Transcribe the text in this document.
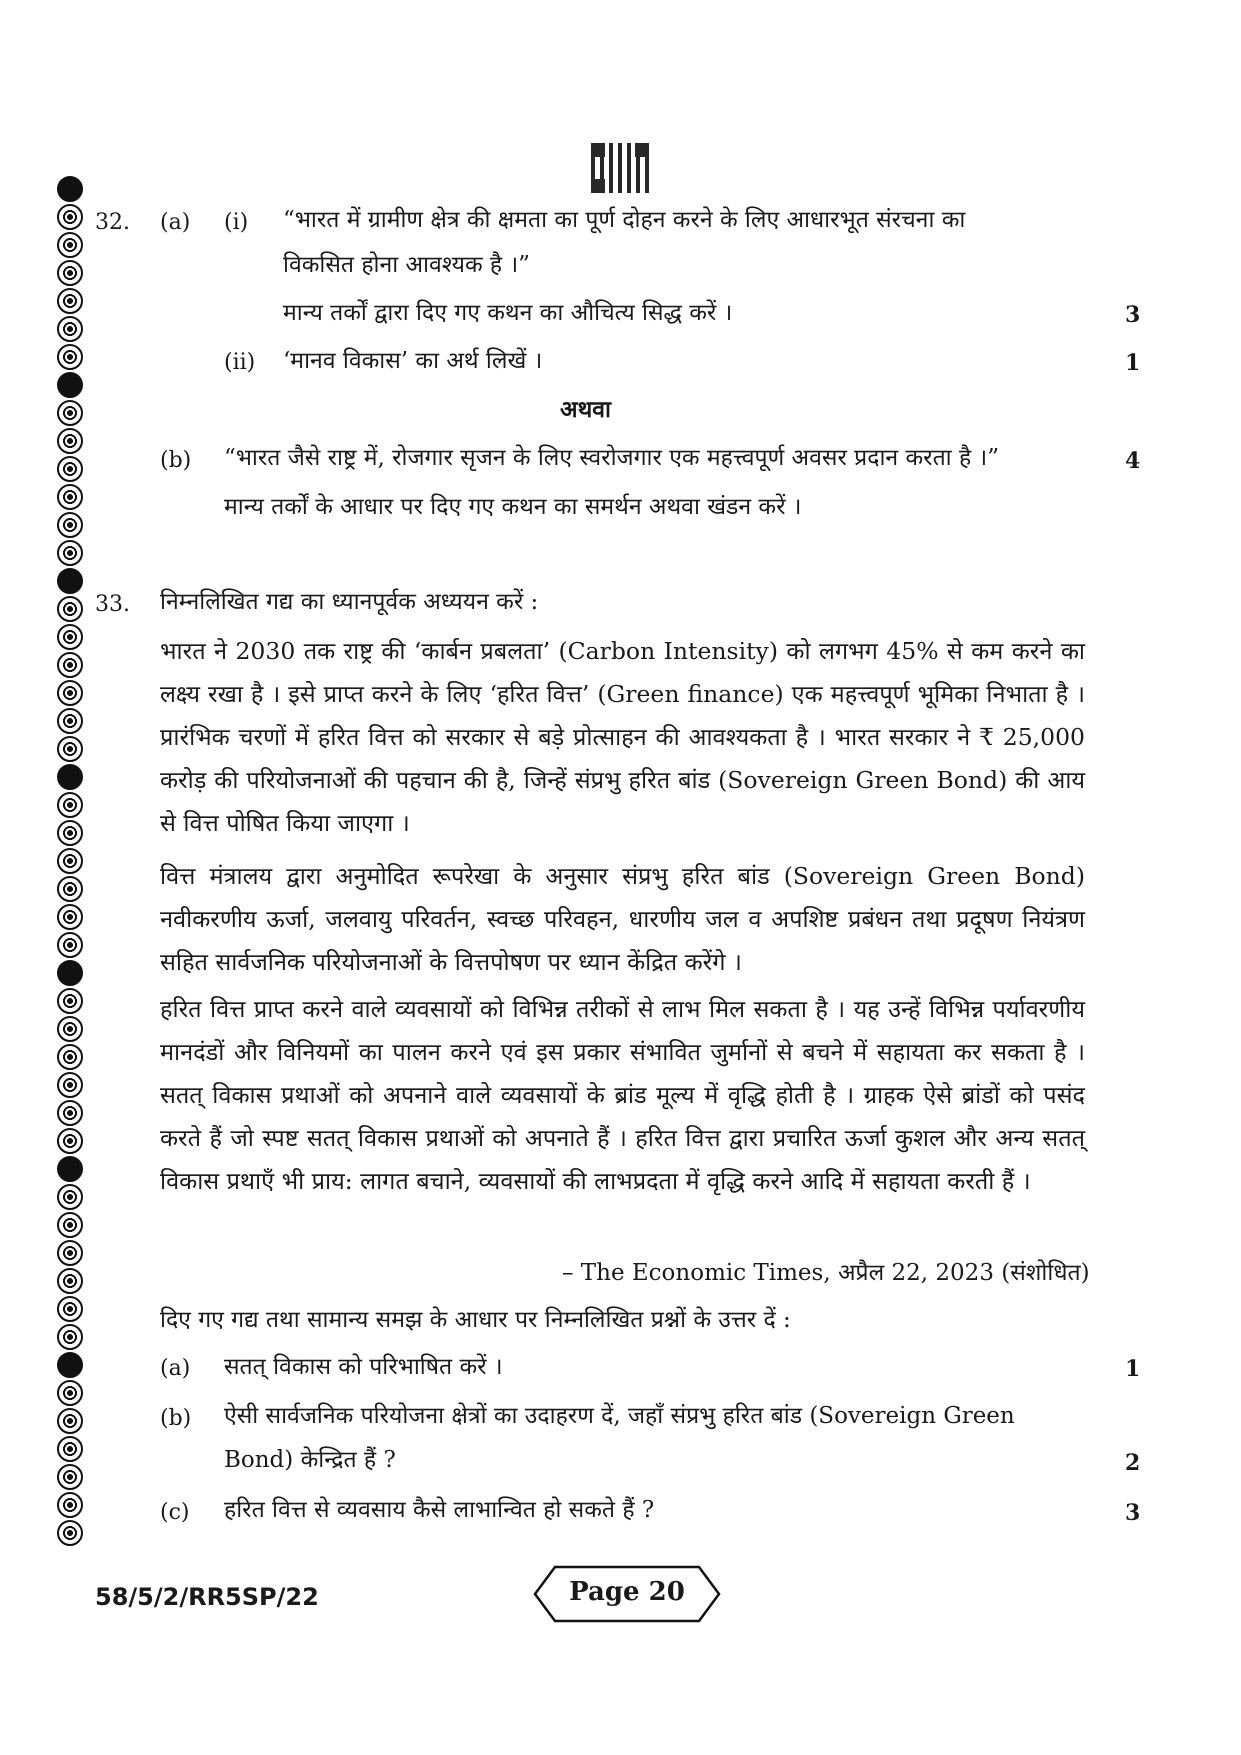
32. (a) (i) “भारत में ग्रामीण क्षेत्र की क्षमता का पूर्ण दोहन करने के लिए आधारभूत संरचना का
विकसित होना आवश्यक है ।”
मान्य तर्कों द्वारा दिए गए कथन का औचित्य सिद्ध करें ।	3
(ii) ‘मानव विकास’ का अर्थ लिखें ।	1
अथवा
(b) “भारत जैसे राष्ट्र में, रोजगार सृजन के लिए स्वरोजगार एक महत्त्वपूर्ण अवसर प्रदान करता है ।”	4
मान्य तर्कों के आधार पर दिए गए कथन का समर्थन अथवा खंडन करें ।
33. निम्नलिखित गद्य का ध्यानपूर्वक अध्ययन करें :
भारत ने 2030 तक राष्ट्र की ‘कार्बन प्रबलता’ (Carbon Intensity) को लगभग 45% से कम करने का लक्ष्य रखा है । इसे प्राप्त करने के लिए ‘हरित वित्त’ (Green finance) एक महत्त्वपूर्ण भूमिका निभाता है । प्रारंभिक चरणों में हरित वित्त को सरकार से बड़े प्रोत्साहन की आवश्यकता है । भारत सरकार ने ₹ 25,000 करोड़ की परियोजनाओं की पहचान की है, जिन्हें संप्रभु हरित बांड (Sovereign Green Bond) की आय से वित्त पोषित किया जाएगा ।
वित्त मंत्रालय द्वारा अनुमोदित रूपरेखा के अनुसार संप्रभु हरित बांड (Sovereign Green Bond) नवीकरणीय ऊर्जा, जलवायु परिवर्तन, स्वच्छ परिवहन, धारणीय जल व अपशिष्ट प्रबंधन तथा प्रदूषण नियंत्रण सहित सार्वजनिक परियोजनाओं के वित्तपोषण पर ध्यान केंद्रित करेंगे ।
हरित वित्त प्राप्त करने वाले व्यवसायों को विभिन्न तरीकों से लाभ मिल सकता है । यह उन्हें विभिन्न पर्यावरणीय मानदंडों और विनियमों का पालन करने एवं इस प्रकार संभावित जुर्मानों से बचने में सहायता कर सकता है । सतत् विकास प्रथाओं को अपनाने वाले व्यवसायों के ब्रांड मूल्य में वृद्धि होती है । ग्राहक ऐसे ब्रांडों को पसंद करते हैं जो स्पष्ट सतत् विकास प्रथाओं को अपनाते हैं । हरित वित्त द्वारा प्रचारित ऊर्जा कुशल और अन्य सतत् विकास प्रथाएँ भी प्राय: लागत बचाने, व्यवसायों की लाभप्रदता में वृद्धि करने आदि में सहायता करती हैं ।
– The Economic Times, अप्रैल 22, 2023 (संशोधित)
दिए गए गद्य तथा सामान्य समझ के आधार पर निम्नलिखित प्रश्नों के उत्तर दें :
(a) सतत् विकास को परिभाषित करें ।	1
(b) ऐसी सार्वजनिक परियोजना क्षेत्रों का उदाहरण दें, जहाँ संप्रभु हरित बांड (Sovereign Green
Bond) केन्द्रित हैं ?	2
(c) हरित वित्त से व्यवसाय कैसे लाभान्वित हो सकते हैं ?	3
58/5/2/RR5SP/22	Page 20
